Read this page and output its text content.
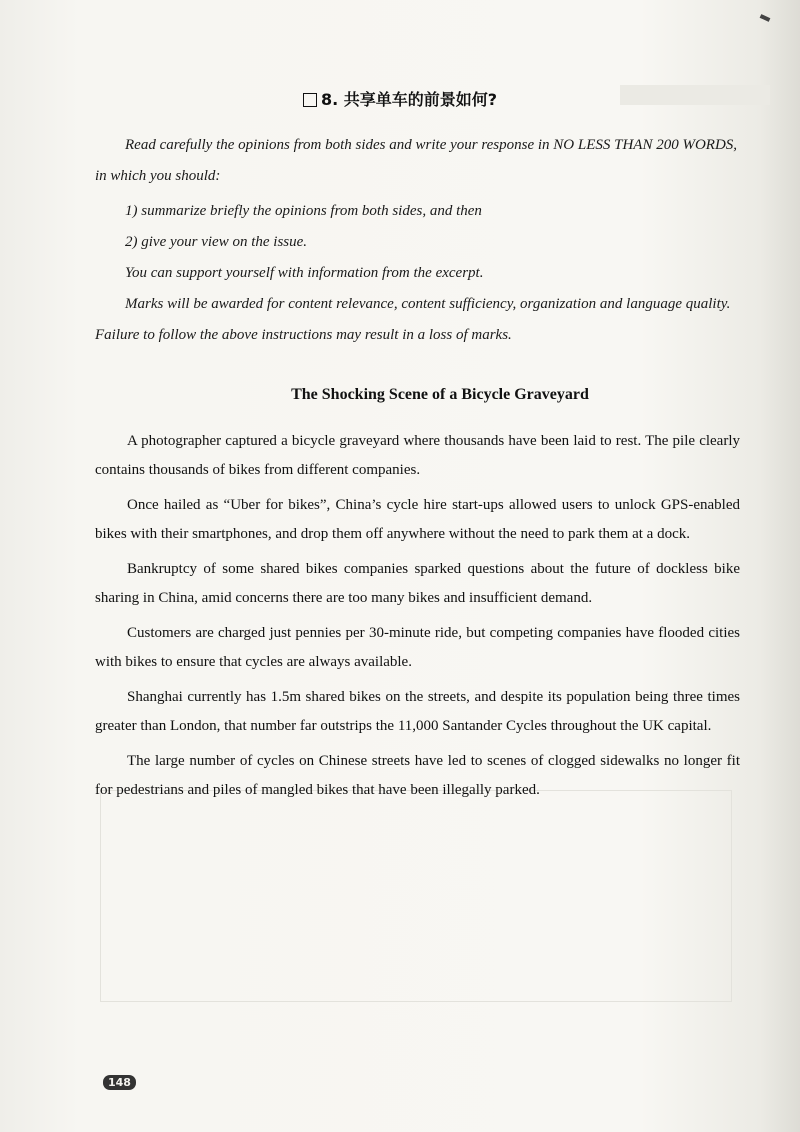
8. 共享单车的前景如何?

Read carefully the opinions from both sides and write your response in NO LESS THAN 200 WORDS, in which you should:

1) summarize briefly the opinions from both sides, and then

2) give your view on the issue.

You can support yourself with information from the excerpt.

Marks will be awarded for content relevance, content sufficiency, organization and language quality. Failure to follow the above instructions may result in a loss of marks.

The Shocking Scene of a Bicycle Graveyard

A photographer captured a bicycle graveyard where thousands have been laid to rest. The pile clearly contains thousands of bikes from different companies.

Once hailed as “Uber for bikes”, China’s cycle hire start-ups allowed users to unlock GPS-enabled bikes with their smartphones, and drop them off anywhere without the need to park them at a dock.

Bankruptcy of some shared bikes companies sparked questions about the future of dockless bike sharing in China, amid concerns there are too many bikes and insufficient demand.

Customers are charged just pennies per 30-minute ride, but competing companies have flooded cities with bikes to ensure that cycles are always available.

Shanghai currently has 1.5m shared bikes on the streets, and despite its population being three times greater than London, that number far outstrips the 11,000 Santander Cycles throughout the UK capital.

The large number of cycles on Chinese streets have led to scenes of clogged sidewalks no longer fit for pedestrians and piles of mangled bikes that have been illegally parked.

148
